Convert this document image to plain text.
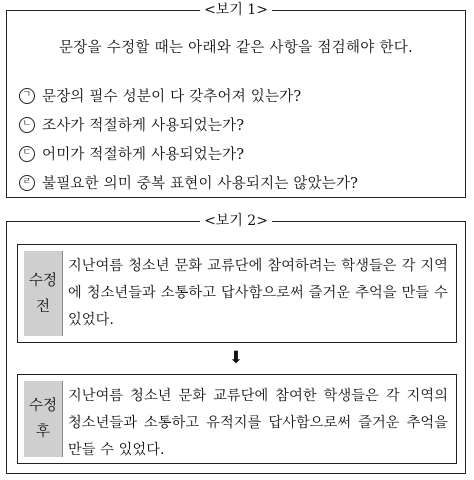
<보기 1>
문장을 수정할 때는 아래와 같은 사항을 점검해야 한다.
ㄱ 문장의 필수 성분이 다 갖추어져 있는가?
ㄴ 조사가 적절하게 사용되었는가?
ㄷ 어미가 적절하게 사용되었는가?
ㄹ 불필요한 의미 중복 표현이 사용되지는 않았는가?
<보기 2>
수정
전
지난여름 청소년 문화 교류단에 참여하려는 학생들은 각 지역에 청소년들과 소통하고 답사함으로써 즐거운 추억을 만들 수 있었다.
⬇
수정
후
지난여름 청소년 문화 교류단에 참여한 학생들은 각 지역의 청소년들과 소통하고 유적지를 답사함으로써 즐거운 추억을 만들 수 있었다.
